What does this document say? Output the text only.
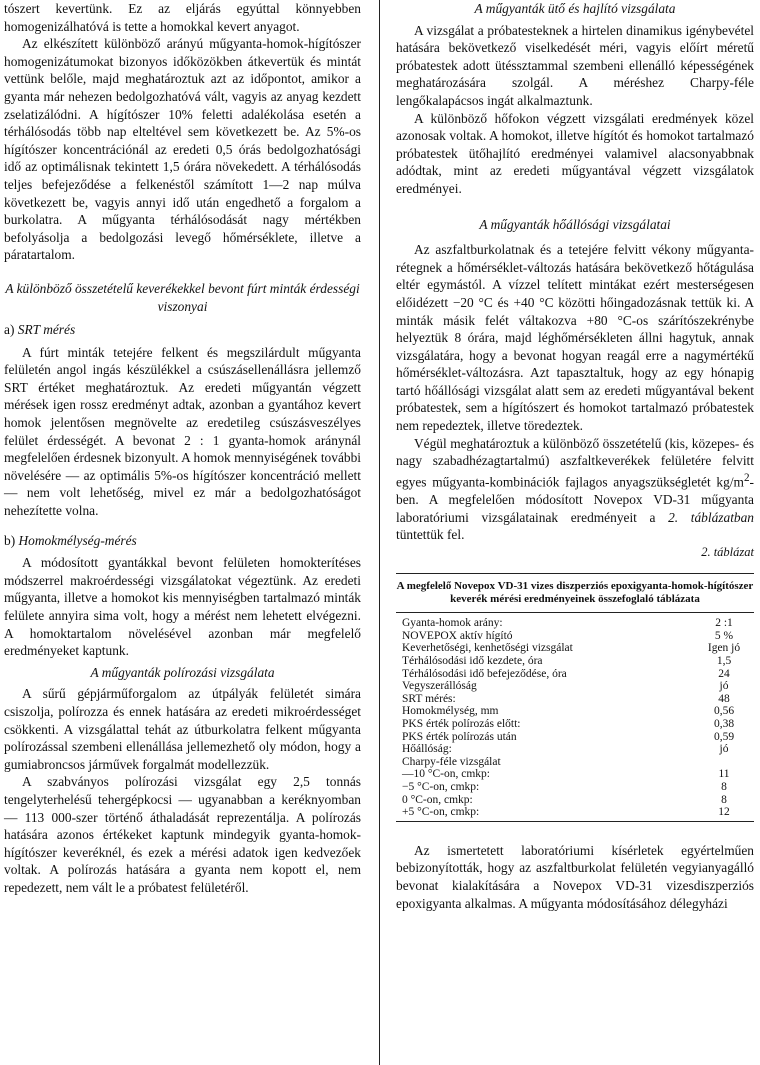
tószert kevertünk. Ez az eljárás egyúttal könnyebben homogenizálhatóvá is tette a homokkal kevert anyagot.

Az elkészített különböző arányú műgyanta-homok-hígítószer homogenizátumokat bizonyos időközökben átkevertük és mintát vettünk belőle, majd meghatároztuk azt az időpontot, amikor a gyanta már nehezen bedolgozhatóvá vált, vagyis az anyag kezdett zselatizálódni. A hígítószer 10% feletti adalékolása esetén a térhálósodás több nap elteltével sem következett be. Az 5%-os hígítószer koncentrációnál az eredeti 0,5 órás bedolgozhatósági idő az optimálisnak tekintett 1,5 órára növekedett. A térhálósodás teljes befejeződése a felkenéstől számított 1—2 nap múlva következett be, vagyis annyi idő után engedhető a forgalom a burkolatra. A műgyanta térhálósodását nagy mértékben befolyásolja a bedolgozási levegő hőmérséklete, illetve a páratartalom.

A különböző összetételű keverékekkel bevont fúrt minták érdességi viszonyai

a) SRT mérés

A fúrt minták tetejére felkent és megszilárdult műgyanta felületén angol ingás készülékkel a csúszásellenállásra jellemző SRT értéket meghatároztuk. Az eredeti műgyantán végzett mérések igen rossz eredményt adtak, azonban a gyantához kevert homok jelentősen megnövelte az eredetileg csúszásveszélyes felület érdességét. A bevonat 2 : 1 gyanta-homok aránynál megfelelően érdesnek bizonyult. A homok mennyiségének további növelésére — az optimális 5%-os hígítószer koncentráció mellett — nem volt lehetőség, mivel ez már a bedolgozhatóságot nehezítette volna.

b) Homokmélység-mérés

A módosított gyantákkal bevont felületen homokterítéses módszerrel makroérdességi vizsgálatokat végeztünk. Az eredeti műgyanta, illetve a homokot kis mennyiségben tartalmazó minták felülete annyira sima volt, hogy a mérést nem lehetett elvégezni. A homoktartalom növelésével azonban már megfelelő eredményeket kaptunk.

A műgyanták polírozási vizsgálata

A sűrű gépjárműforgalom az útpályák felületét simára csiszolja, polírozza és ennek hatására az eredeti mikroérdességet csökkenti. A vizsgálattal tehát az útburkolatra felkent műgyanta polírozással szembeni ellenállása jellemezhető oly módon, hogy a gumiabroncsos járművek forgalmát modellezzük.

A szabványos polírozási vizsgálat egy 2,5 tonnás tengelyterhelésű tehergépkocsi — ugyanabban a keréknyomban — 113 000-szer történő áthaladását reprezentálja. A polírozás hatására azonos értékeket kaptunk mindegyik gyanta-homok-hígítószer keveréknél, és ezek a mérési adatok igen kedvezőek voltak. A polírozás hatására a gyanta nem kopott el, nem repedezett, nem vált le a próbatest felületéről.

A műgyanták ütő és hajlító vizsgálata

A vizsgálat a próbatesteknek a hirtelen dinamikus igénybevétel hatására bekövetkező viselkedését méri, vagyis előírt méretű próbatestek adott ütéssztammal szembeni ellenálló képességének meghatározására szolgál. A méréshez Charpy-féle lengőkalapácsos ingát alkalmaztunk.

A különböző hőfokon végzett vizsgálati eredmények közel azonosak voltak. A homokot, illetve hígítót és homokot tartalmazó próbatestek ütőhajlító eredményei valamivel alacsonyabbnak adódtak, mint az eredeti műgyantával végzett vizsgálatok eredményei.

A műgyanták hőállósági vizsgálatai

Az aszfaltburkolatnak és a tetejére felvitt vékony műgyanta-rétegnek a hőmérséklet-változás hatására bekövetkező hőtágulása eltér egymástól. A vízzel telített mintákat ezért mesterségesen előidézett −20 °C és +40 °C közötti hőingadozásnak tettük ki. A minták másik felét váltakozva +80 °C-os szárítószekrénybe helyeztük 8 órára, majd léghőmérsékleten állni hagytuk, annak vizsgálatára, hogy a bevonat hogyan reagál erre a nagymértékű hőmérséklet-változásra. Azt tapasztaltuk, hogy az egy hónapig tartó hőállósági vizsgálat alatt sem az eredeti műgyantával bekent próbatestek, sem a hígítószert és homokot tartalmazó próbatestek nem repedeztek, illetve töredeztek.

Végül meghatároztuk a különböző összetételű (kis, közepes- és nagy szabadhézagtartalmú) aszfaltkeverékek felületére felvitt egyes műgyanta-kombinációk fajlagos anyagszükségletét $kg/m^2$-ben. A megfelelően módosított Novepox VD-31 műgyanta laboratóriumi vizsgálatainak eredményeit a 2. táblázatban tüntettük fel.

2. táblázat

A megfelelő Novepox VD-31 vizes diszperziós epoxigyanta-homok-hígítószer keverék mérési eredményeinek összefoglaló táblázata

Gyanta-homok arány:	2 :1
NOVEPOX aktív hígító	5 %
Keverhetőségi, kenhetőségi vizsgálat	Igen jó
Térhálósodási idő kezdete, óra	1,5
Térhálósodási idő befejeződése, óra	24
Vegyszerállóság	jó
SRT mérés:	48
Homokmélység, mm	0,56
PKS érték polírozás előtt:	0,38
PKS érték polírozás után	0,59
Hőállóság:	jó
Charpy-féle vizsgálat	
—10 °C-on, cmkp:	11
−5 °C-on, cmkp:	8
0 °C-on, cmkp:	8
+5 °C-on, cmkp:	12

Az ismertetett laboratóriumi kísérletek egyértelműen bebizonyították, hogy az aszfaltburkolat felületén vegyianyagálló bevonat kialakítására a Novepox VD-31 vizesdiszperziós epoxigyanta alkalmas. A műgyanta módosításához délegyházi
